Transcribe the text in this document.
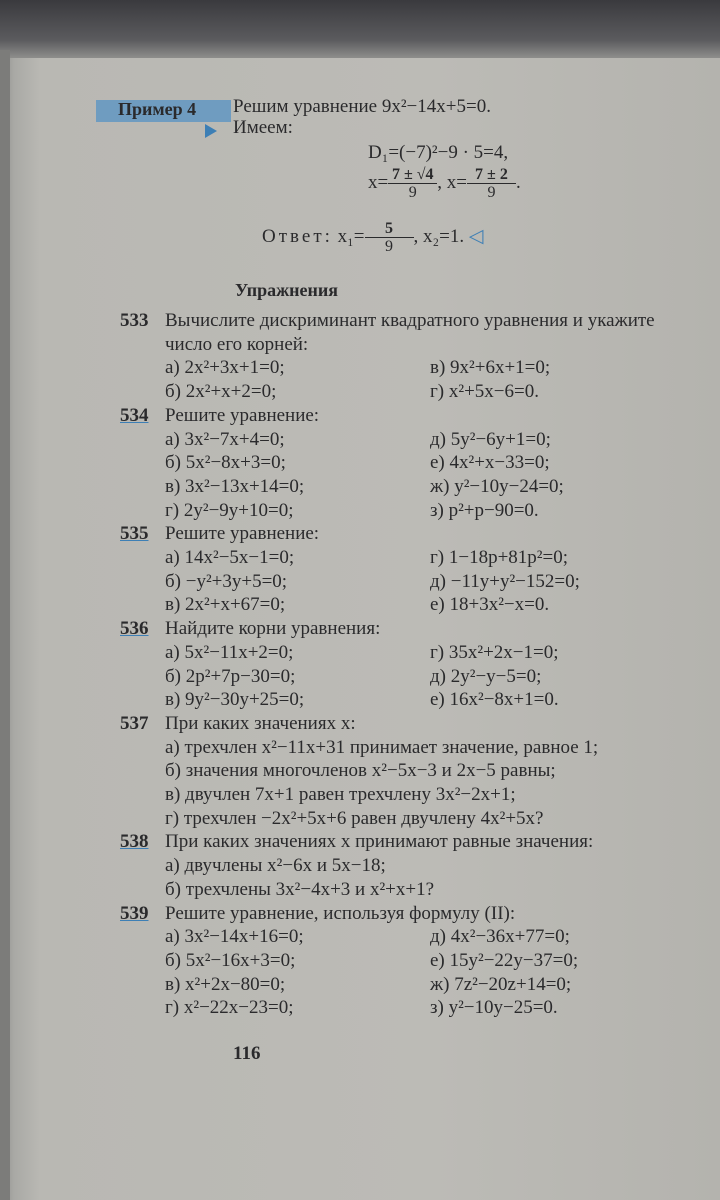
Пример 4 Решим уравнение 9x²−14x+5=0.
Имеем:
D₁=(−7)²−9 · 5=4,
$x= \frac{7 \pm √4}{9}$ , $x= \frac{7 \pm 2}{9}$ .
Ответ: $x_1= \frac{5}{9}$ , x₂=1. ◁
Упражнения
533 Вычислите дискриминант квадратного уравнения и укажите
число его корней:
а) 2x²+3x+1=0;	в) 9x²+6x+1=0;
б) 2x²+x+2=0;	г) x²+5x−6=0.
534 Решите уравнение:
а) 3x²−7x+4=0;	д) 5y²−6y+1=0;
б) 5x²−8x+3=0;	е) 4x²+x−33=0;
в) 3x²−13x+14=0;	ж) y²−10y−24=0;
г) 2y²−9y+10=0;	з) p²+p−90=0.
535 Решите уравнение:
а) 14x²−5x−1=0;	г) 1−18p+81p²=0;
б) −y²+3y+5=0;	д) −11y+y²−152=0;
в) 2x²+x+67=0;	е) 18+3x²−x=0.
536 Найдите корни уравнения:
а) 5x²−11x+2=0;	г) 35x²+2x−1=0;
б) 2p²+7p−30=0;	д) 2y²−y−5=0;
в) 9y²−30y+25=0;	е) 16x²−8x+1=0.
537 При каких значениях x:
а) трехчлен x²−11x+31 принимает значение, равное 1;
б) значения многочленов x²−5x−3 и 2x−5 равны;
в) двучлен 7x+1 равен трехчлену 3x²−2x+1;
г) трехчлен −2x²+5x+6 равен двучлену 4x²+5x?
538 При каких значениях x принимают равные значения:
а) двучлены x²−6x и 5x−18;
б) трехчлены 3x²−4x+3 и x²+x+1?
539 Решите уравнение, используя формулу (II):
а) 3x²−14x+16=0;	д) 4x²−36x+77=0;
б) 5x²−16x+3=0;	е) 15y²−22y−37=0;
в) x²+2x−80=0;	ж) 7z²−20z+14=0;
г) x²−22x−23=0;	з) y²−10y−25=0.
116
